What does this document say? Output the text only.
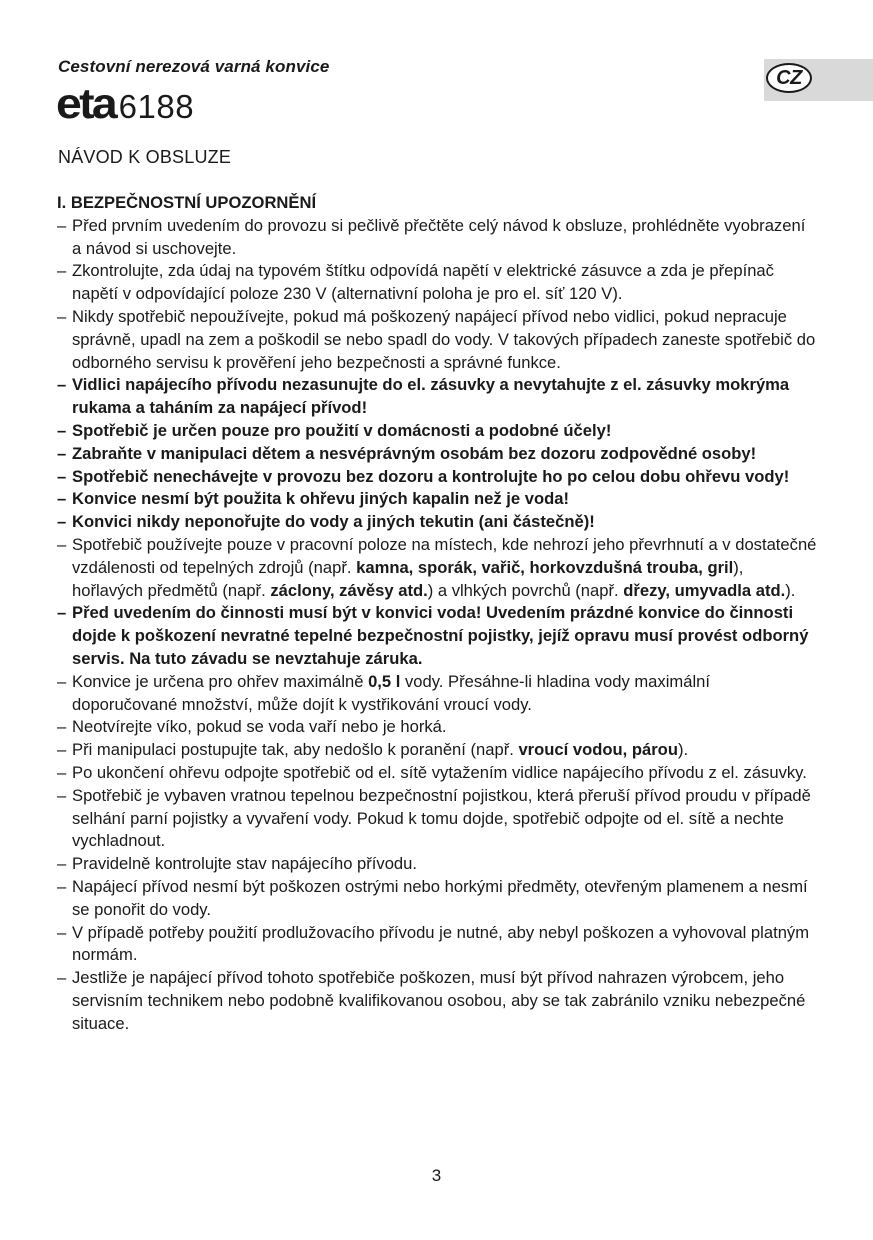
Cestovní nerezová varná konvice
eta 6188
CZ
NÁVOD K OBSLUZE

I. BEZPEČNOSTNÍ UPOZORNĚNÍ

– Před prvním uvedením do provozu si pečlivě přečtěte celý návod k obsluze, prohlédněte vyobrazení a návod si uschovejte.

– Zkontrolujte, zda údaj na typovém štítku odpovídá napětí v elektrické zásuvce a zda je přepínač napětí v odpovídající poloze 230 V (alternativní poloha je pro el. síť 120 V).

– Nikdy spotřebič nepoužívejte, pokud má poškozený napájecí přívod nebo vidlici, pokud nepracuje správně, upadl na zem a poškodil se nebo spadl do vody. V takových případech zaneste spotřebič do odborného servisu k prověření jeho bezpečnosti a správné funkce.

– Vidlici napájecího přívodu nezasunujte do el. zásuvky a nevytahujte z el. zásuvky mokrýma rukama a taháním za napájecí přívod!

– Spotřebič je určen pouze pro použití v domácnosti a podobné účely!

– Zabraňte v manipulaci dětem a nesvéprávným osobám bez dozoru zodpovědné osoby!

– Spotřebič nenechávejte v provozu bez dozoru a kontrolujte ho po celou dobu ohřevu vody!

– Konvice nesmí být použita k ohřevu jiných kapalin než je voda!

– Konvici nikdy neponořujte do vody a jiných tekutin (ani částečně)!

– Spotřebič používejte pouze v pracovní poloze na místech, kde nehrozí jeho převrhnutí a v dostatečné vzdálenosti od tepelných zdrojů (např. kamna, sporák, vařič, horkovzdušná trouba, gril), hořlavých předmětů (např. záclony, závěsy atd.) a vlhkých povrchů (např. dřezy, umyvadla atd.).

– Před uvedením do činnosti musí být v konvici voda! Uvedením prázdné konvice do činnosti dojde k poškození nevratné tepelné bezpečnostní pojistky, jejíž opravu musí provést odborný servis. Na tuto závadu se nevztahuje záruka.

– Konvice je určena pro ohřev maximálně 0,5 l vody. Přesáhne-li hladina vody maximální doporučované množství, může dojít k vystřikování vroucí vody.

– Neotvírejte víko, pokud se voda vaří nebo je horká.

– Při manipulaci postupujte tak, aby nedošlo k poranění (např. vroucí vodou, párou).

– Po ukončení ohřevu odpojte spotřebič od el. sítě vytažením vidlice napájecího přívodu z el. zásuvky.

– Spotřebič je vybaven vratnou tepelnou bezpečnostní pojistkou, která přeruší přívod proudu v případě selhání parní pojistky a vyvaření vody. Pokud k tomu dojde, spotřebič odpojte od el. sítě a nechte vychladnout.

– Pravidelně kontrolujte stav napájecího přívodu.

– Napájecí přívod nesmí být poškozen ostrými nebo horkými předměty, otevřeným plamenem a nesmí se ponořit do vody.

– V případě potřeby použití prodlužovacího přívodu je nutné, aby nebyl poškozen a vyhovoval platným normám.

– Jestliže je napájecí přívod tohoto spotřebiče poškozen, musí být přívod nahrazen výrobcem, jeho servisním technikem nebo podobně kvalifikovanou osobou, aby se tak zabránilo vzniku nebezpečné situace.

3
